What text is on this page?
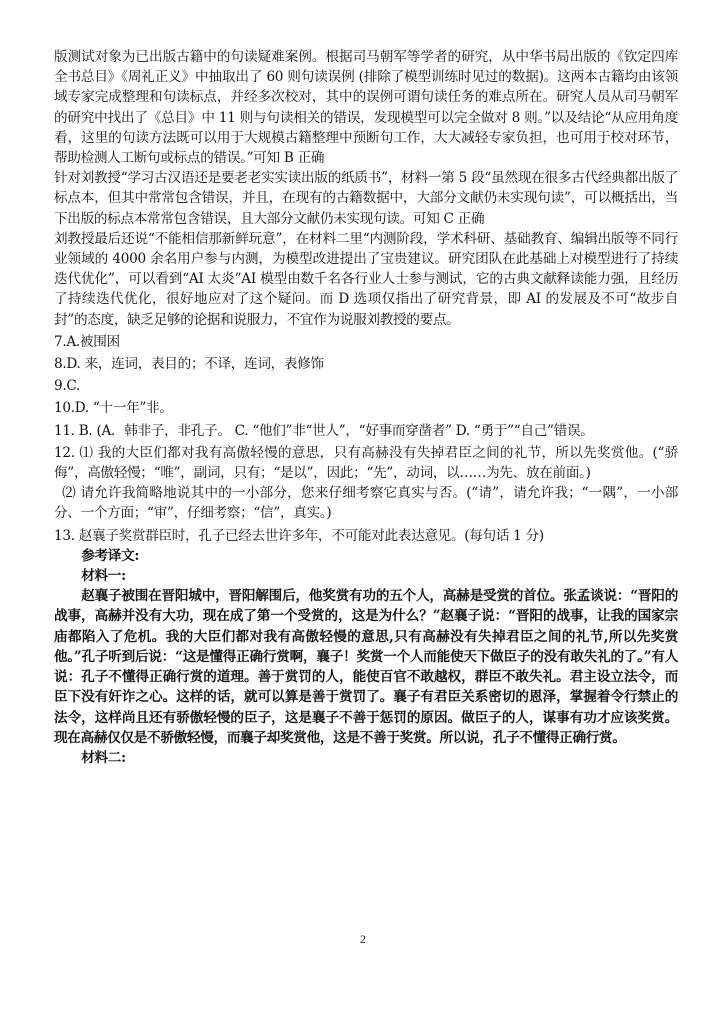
版测试对象为已出版古籍中的句读疑难案例。根据司马朝军等学者的研究，从中华书局出版的《钦定四库全书总目》《周礼正义》中抽取出了 60 则句读误例 (排除了模型训练时见过的数据)。这两本古籍均由该领域专家完成整理和句读标点，并经多次校对，其中的误例可谓句读任务的难点所在。研究人员从司马朝军的研究中找出了《总目》中 11 则与句读相关的错误，发现模型可以完全做对 8 则。”以及结论“从应用角度看，这里的句读方法既可以用于大规模古籍整理中预断句工作，大大减轻专家负担，也可用于校对环节，帮助检测人工断句或标点的错误。”可知 B 正确

针对刘教授“学习古汉语还是要老老实实读出版的纸质书”，材料一第 5 段“虽然现在很多古代经典都出版了标点本，但其中常常包含错误，并且，在现有的古籍数据中，大部分文献仍未实现句读”，可以概括出，当下出版的标点本常常包含错误，且大部分文献仍未实现句读。可知 C 正确

刘教授最后还说“不能相信那新鲜玩意”，在材料二里“内测阶段，学术科研、基础教育、编辑出版等不同行业领域的 4000 余名用户参与内测，为模型改进提出了宝贵建议。研究团队在此基础上对模型进行了持续迭代优化”，可以看到“AI 太炎”AI 模型由数千名各行业人士参与测试，它的古典文献释读能力强，且经历了持续迭代优化，很好地应对了这个疑问。而 D 选项仅指出了研究背景，即 AI 的发展及不可“故步自封”的态度，缺乏足够的论据和说服力，不宜作为说服刘教授的要点。

7.A.被围困

8.D. 来，连词，表目的；不译，连词，表修饰

9.C.

10.D. “十一年”非。

11. B. (A．韩非子，非孔子。 C. “他们”非“世人”，“好事而穿凿者” D. “勇于”“自己”错误。

12. ⑴ 我的大臣们都对我有高傲轻慢的意思，只有高赫没有失掉君臣之间的礼节，所以先奖赏他。(“骄侮”，高傲轻慢；“唯”，副词，只有；“是以”，因此；“先”，动词，以……为先、放在前面。)

⑵ 请允许我简略地说其中的一小部分，您来仔细考察它真实与否。(“请”，请允许我；“一隅”，一小部分、一个方面；“审”，仔细考察；“信”，真实。)

13. 赵襄子奖赏群臣时，孔子已经去世许多年，不可能对此表达意见。(每句话 1 分)

参考译文:

材料一:

赵襄子被围在晋阳城中，晋阳解围后，他奖赏有功的五个人，高赫是受赏的首位。张孟谈说：“晋阳的战事，高赫并没有大功，现在成了第一个受赏的，这是为什么？”赵襄子说：“晋阳的战事，让我的国家宗庙都陷入了危机。我的大臣们都对我有高傲轻慢的意思,只有高赫没有失掉君臣之间的礼节,所以先奖赏他。”孔子听到后说：“这是懂得正确行赏啊，襄子！奖赏一个人而能使天下做臣子的没有敢失礼的了。”有人说：孔子不懂得正确行赏的道理。善于赏罚的人，能使百官不敢越权，群臣不敢失礼。君主设立法令，而臣下没有奸诈之心。这样的话，就可以算是善于赏罚了。襄子有君臣关系密切的恩泽，掌握着令行禁止的法令，这样尚且还有骄傲轻慢的臣子，这是襄子不善于惩罚的原因。做臣子的人，谋事有功才应该奖赏。现在高赫仅仅是不骄傲轻慢，而襄子却奖赏他，这是不善于奖赏。所以说，孔子不懂得正确行赏。

材料二:

2
